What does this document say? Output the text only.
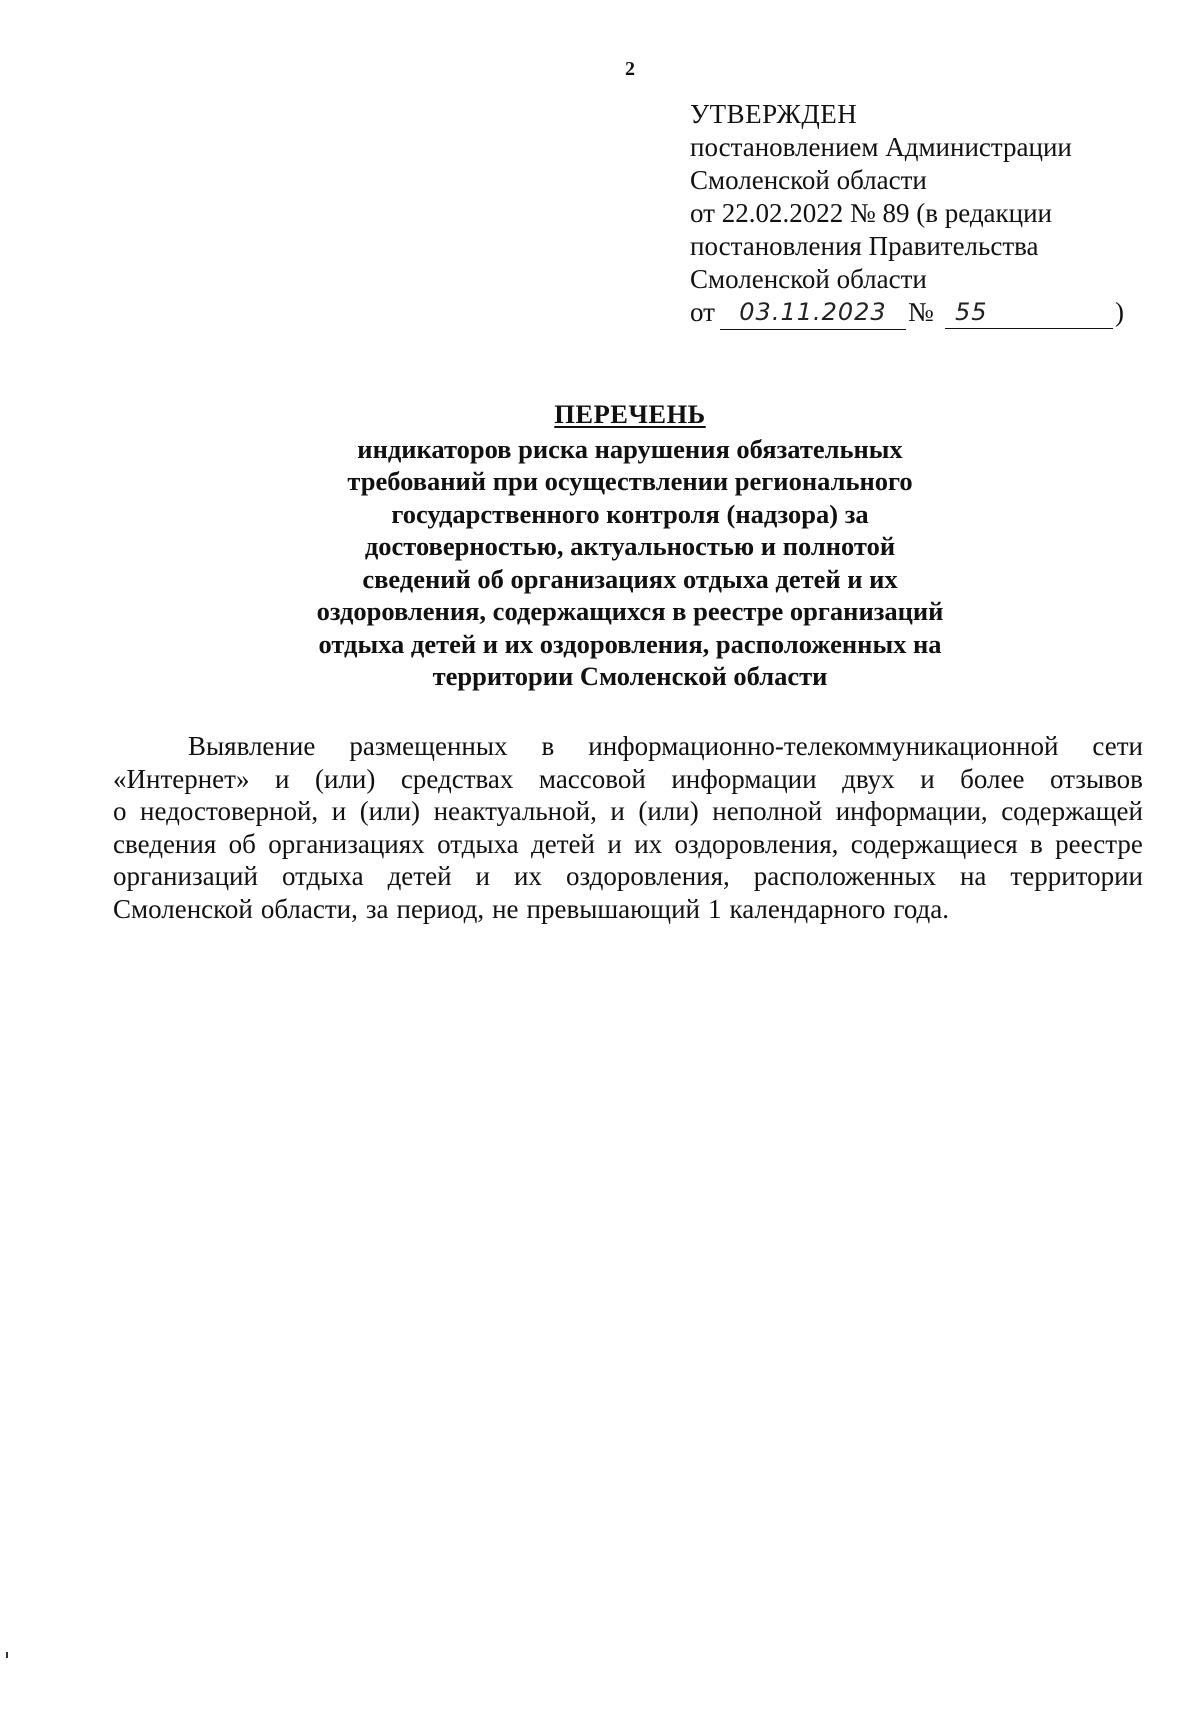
2
УТВЕРЖДЕН
постановлением Администрации
Смоленской области
от 22.02.2022 № 89 (в редакции
постановления Правительства
Смоленской области
от	03.11.2023 № 55	)
ПЕРЕЧЕНЬ
индикаторов риска нарушения обязательных
требований при осуществлении регионального
государственного контроля (надзора) за
достоверностью, актуальностью и полнотой
сведений об организациях отдыха детей и их
оздоровления, содержащихся в реестре организаций
отдыха детей и их оздоровления, расположенных на
территории Смоленской области
Выявление размещенных в информационно-телекоммуникационной сети
«Интернет» и (или) средствах массовой информации двух и более отзывов
о недостоверной, и (или) неактуальной, и (или) неполной информации, содержащей
сведения об организациях отдыха детей и их оздоровления, содержащиеся в реестре
организаций отдыха детей и их оздоровления, расположенных на территории
Смоленской области, за период, не превышающий 1 календарного года.
